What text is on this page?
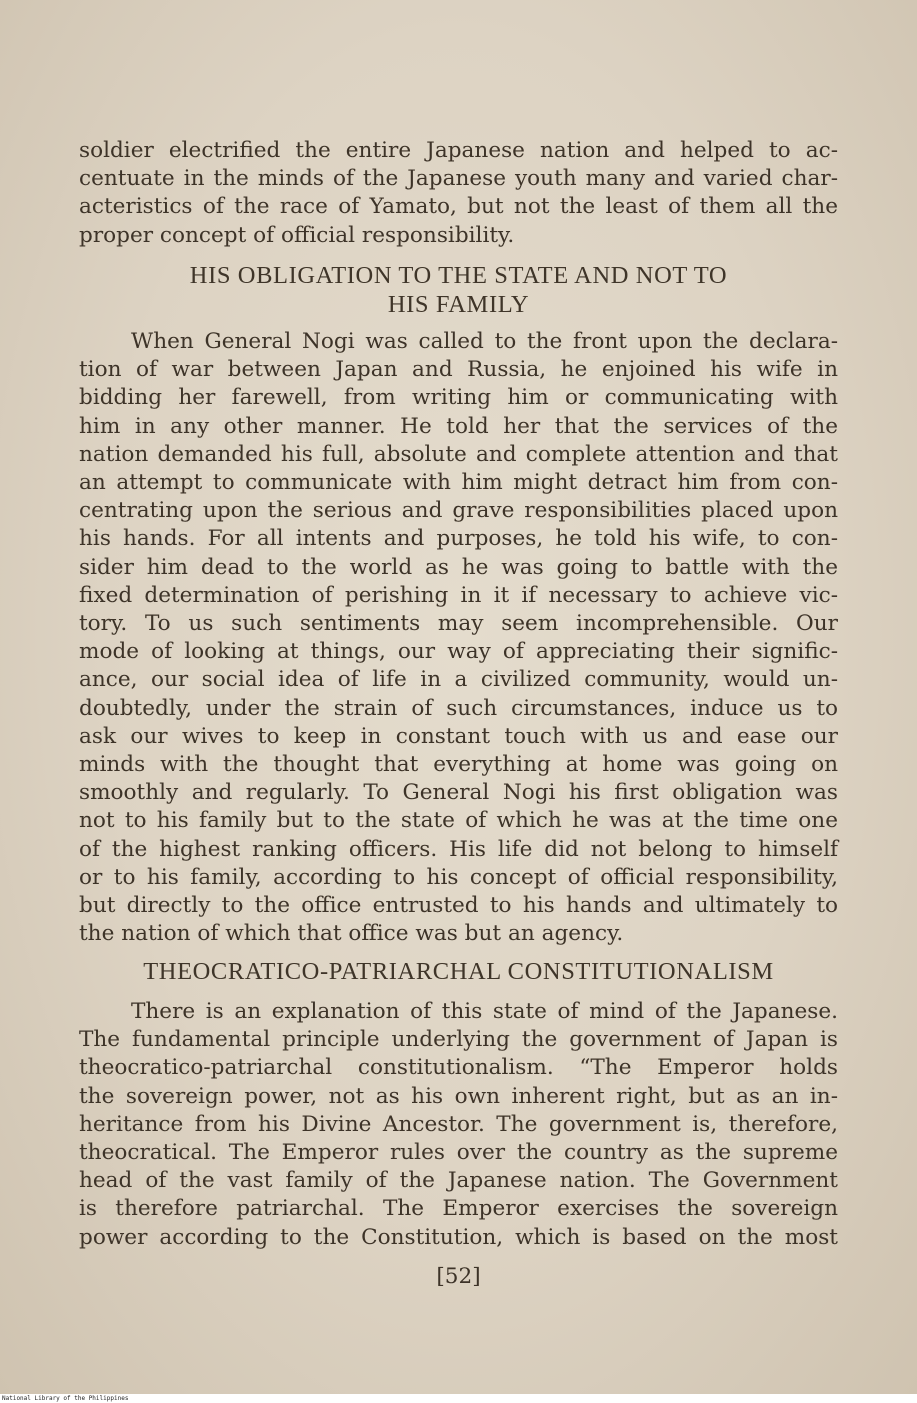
soldier electrified the entire Japanese nation and helped to ac-
centuate in the minds of the Japanese youth many and varied char-
acteristics of the race of Yamato, but not the least of them all the
proper concept of official responsibility.
HIS OBLIGATION TO THE STATE AND NOT TO
HIS FAMILY
When General Nogi was called to the front upon the declara-
tion of war between Japan and Russia, he enjoined his wife in
bidding her farewell, from writing him or communicating with
him in any other manner. He told her that the services of the
nation demanded his full, absolute and complete attention and that
an attempt to communicate with him might detract him from con-
centrating upon the serious and grave responsibilities placed upon
his hands. For all intents and purposes, he told his wife, to con-
sider him dead to the world as he was going to battle with the
fixed determination of perishing in it if necessary to achieve vic-
tory. To us such sentiments may seem incomprehensible. Our
mode of looking at things, our way of appreciating their signific-
ance, our social idea of life in a civilized community, would un-
doubtedly, under the strain of such circumstances, induce us to
ask our wives to keep in constant touch with us and ease our
minds with the thought that everything at home was going on
smoothly and regularly. To General Nogi his first obligation was
not to his family but to the state of which he was at the time one
of the highest ranking officers. His life did not belong to himself
or to his family, according to his concept of official responsibility,
but directly to the office entrusted to his hands and ultimately to
the nation of which that office was but an agency.
THEOCRATICO-PATRIARCHAL CONSTITUTIONALISM
There is an explanation of this state of mind of the Japanese.
The fundamental principle underlying the government of Japan is
theocratico-patriarchal constitutionalism. “The Emperor holds
the sovereign power, not as his own inherent right, but as an in-
heritance from his Divine Ancestor. The government is, therefore,
theocratical. The Emperor rules over the country as the supreme
head of the vast family of the Japanese nation. The Government
is therefore patriarchal. The Emperor exercises the sovereign
power according to the Constitution, which is based on the most
[52]
National Library of the Philippines
